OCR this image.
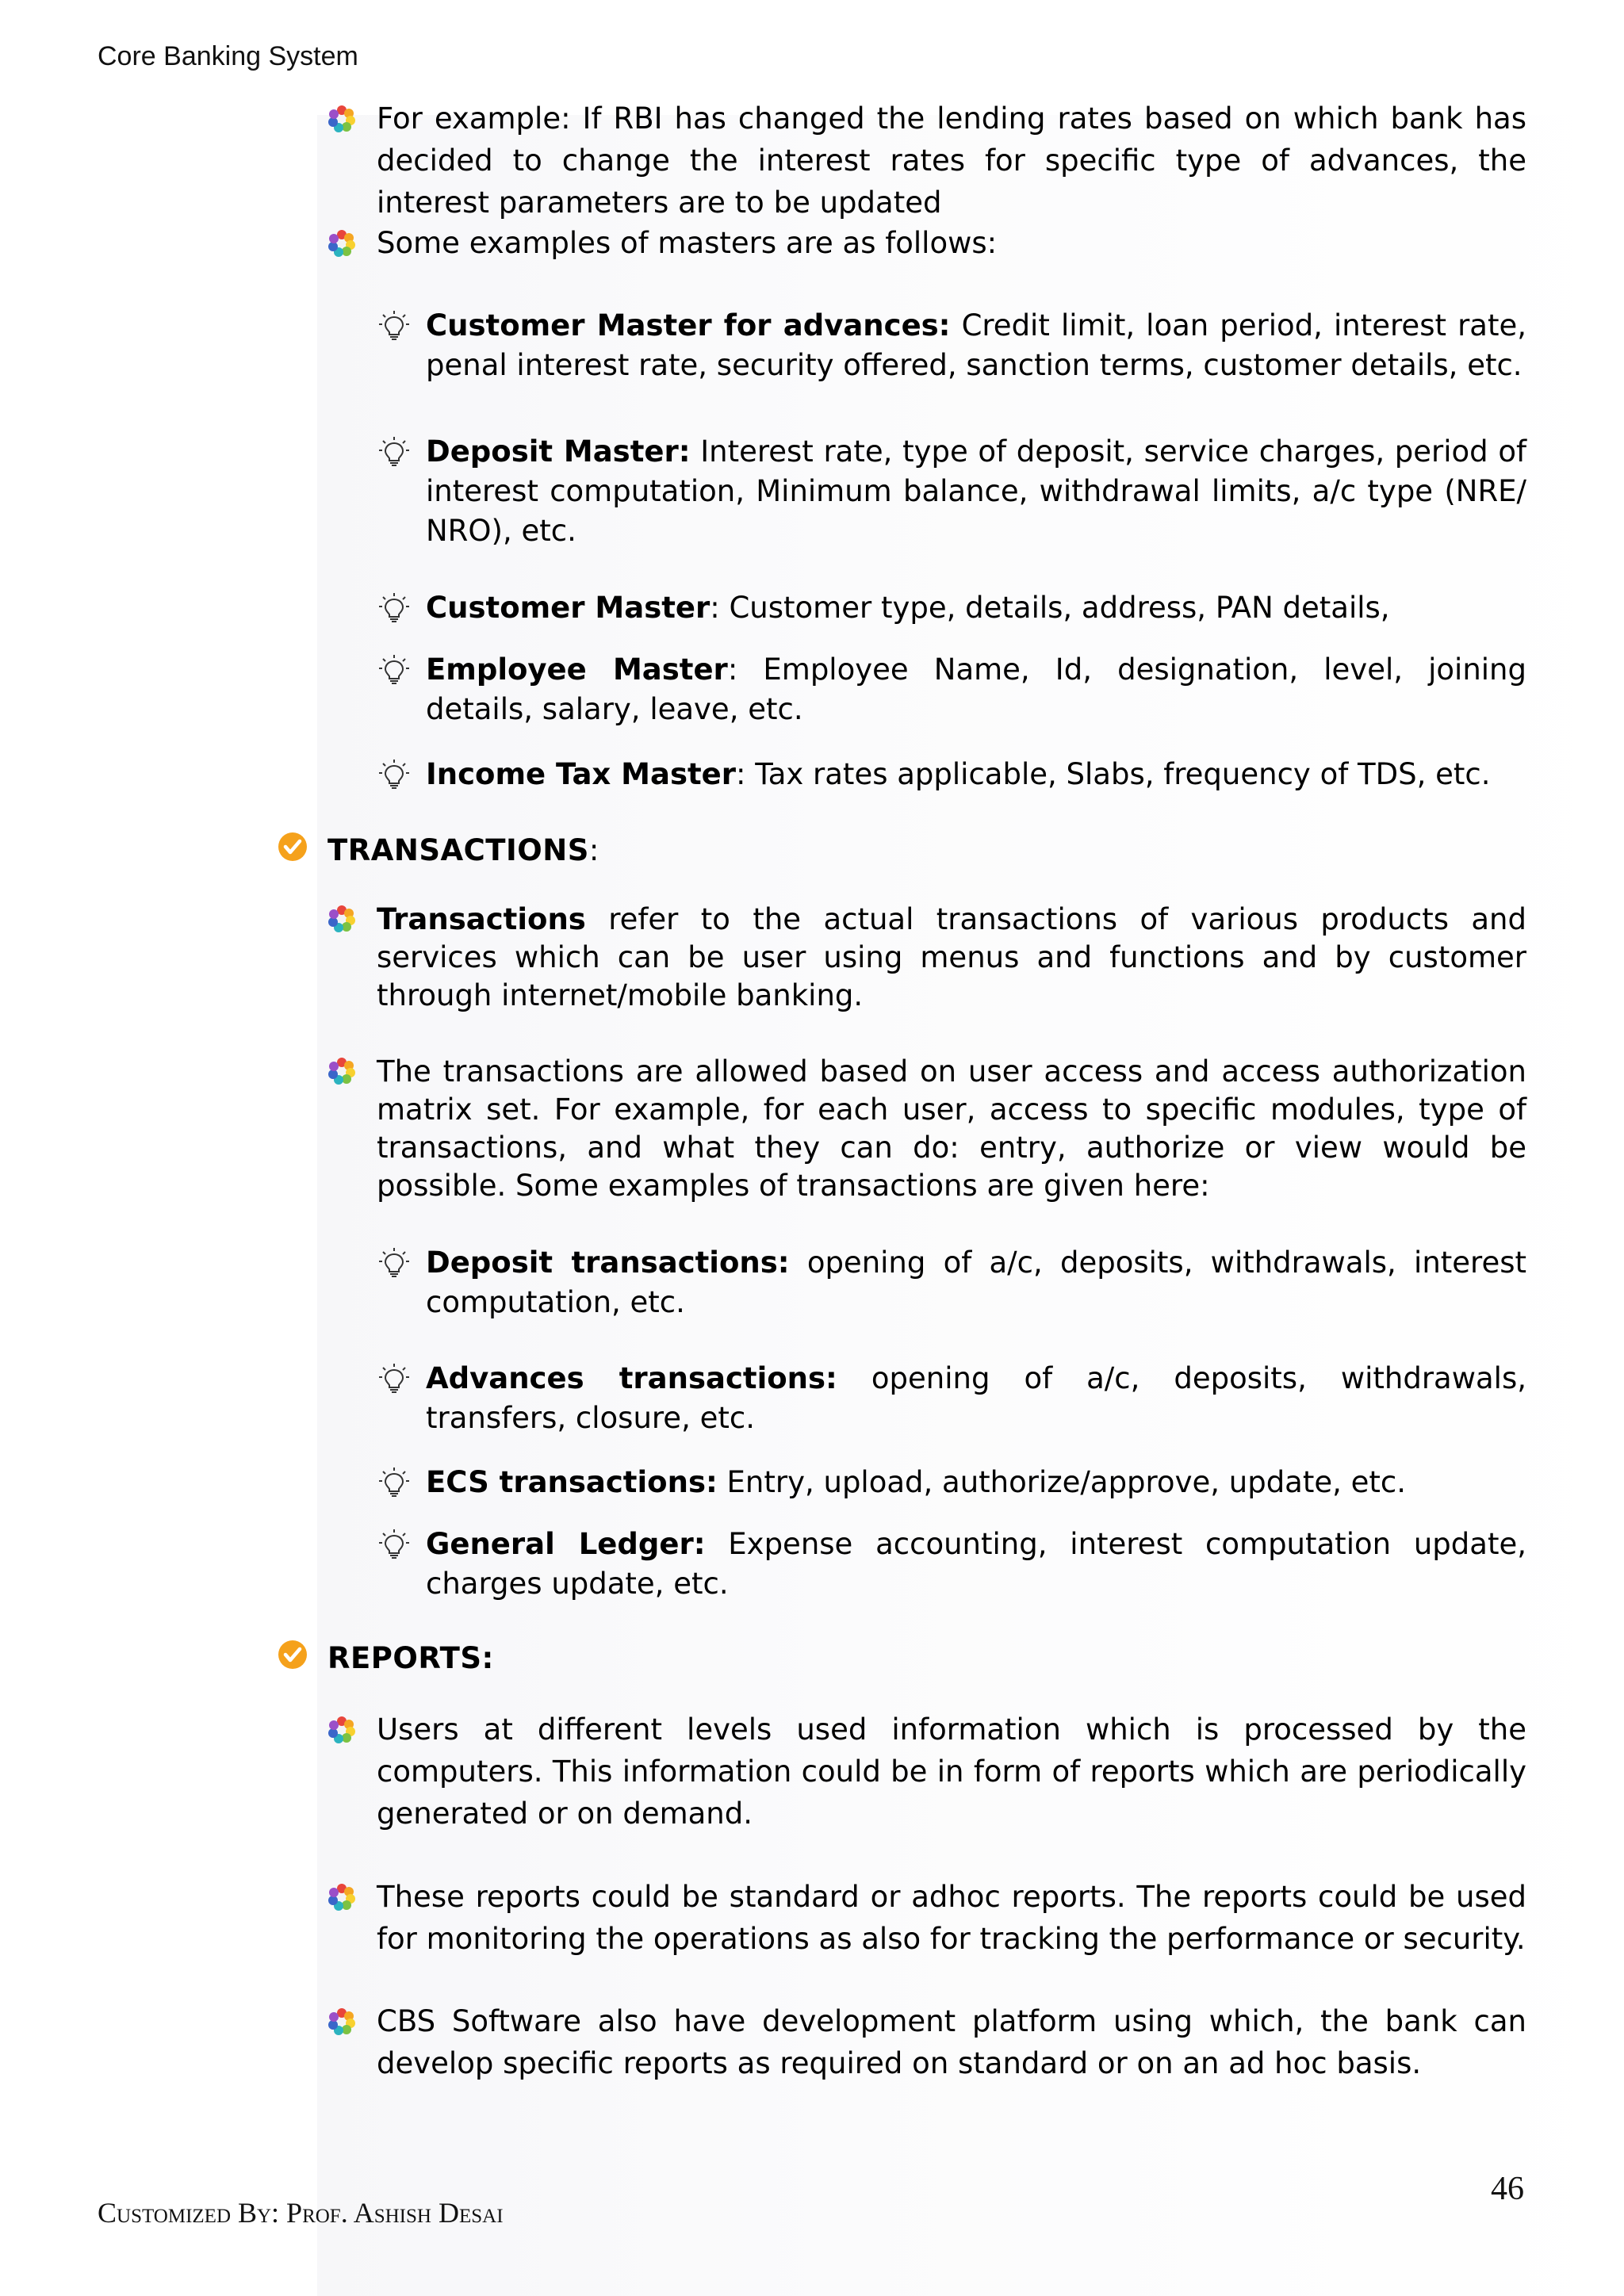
Core Banking System
For example: If RBI has changed the lending rates based on which bank has decided to change the interest rates for specific type of advances, the interest parameters are to be updated
Some examples of masters are as follows:
Customer Master for advances: Credit limit, loan period, interest rate, penal interest rate, security offered, sanction terms, customer details, etc.
Deposit Master: Interest rate, type of deposit, service charges, period of interest computation, Minimum balance, withdrawal limits, a/c type (NRE/ NRO), etc.
Customer Master: Customer type, details, address, PAN details,
Employee Master: Employee Name, Id, designation, level, joining details, salary, leave, etc.
Income Tax Master: Tax rates applicable, Slabs, frequency of TDS, etc.
TRANSACTIONS:
Transactions refer to the actual transactions of various products and services which can be user using menus and functions and by customer through internet/mobile banking.
The transactions are allowed based on user access and access authorization matrix set. For example, for each user, access to specific modules, type of transactions, and what they can do: entry, authorize or view would be possible. Some examples of transactions are given here:
Deposit transactions: opening of a/c, deposits, withdrawals, interest computation, etc.
Advances transactions: opening of a/c, deposits, withdrawals, transfers, closure, etc.
ECS transactions: Entry, upload, authorize/approve, update, etc.
General Ledger: Expense accounting, interest computation update, charges update, etc.
REPORTS:
Users at different levels used information which is processed by the computers. This information could be in form of reports which are periodically generated or on demand.
These reports could be standard or adhoc reports. The reports could be used for monitoring the operations as also for tracking the performance or security.
CBS Software also have development platform using which, the bank can develop specific reports as required on standard or on an ad hoc basis.
46
Customized By: Prof. Ashish Desai
